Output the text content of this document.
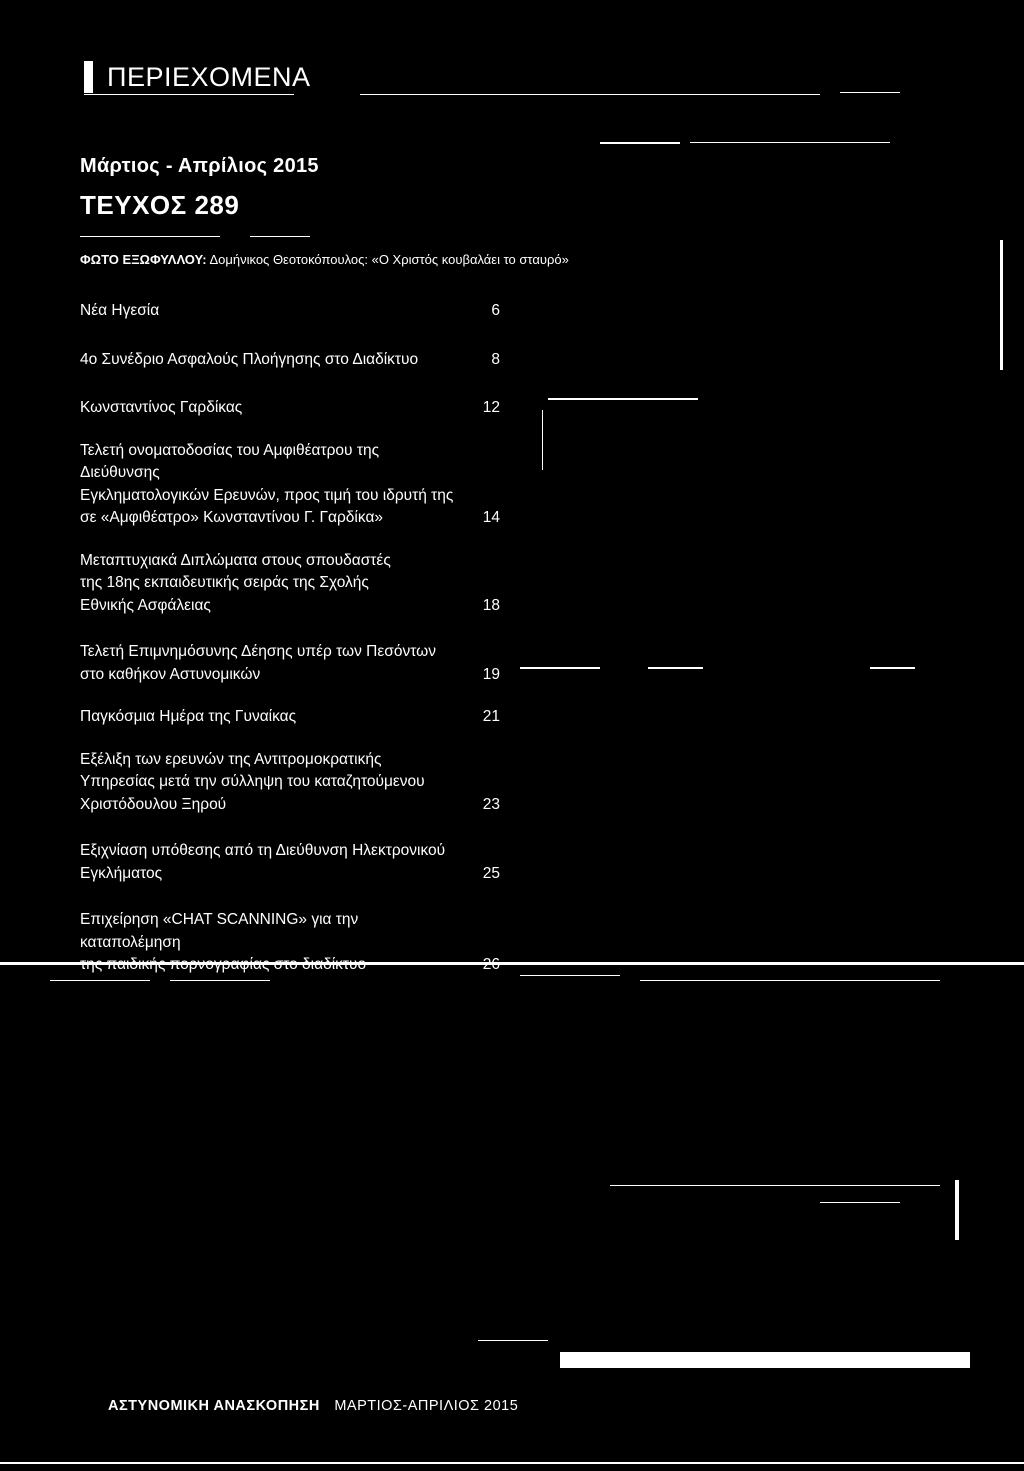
ΠΕΡΙΕΧΟΜΕΝΑ
Μάρτιος - Απρίλιος 2015
ΤΕΥΧΟΣ 289
ΦΩΤΟ ΕΞΩΦΥΛΛΟΥ: Δομήνικος Θεοτοκόπουλος: «Ο Χριστός κουβαλάει το σταυρό»
Νέα Ηγεσία	6
4ο Συνέδριο Ασφαλούς Πλοήγησης στο Διαδίκτυο	8
Κωνσταντίνος Γαρδίκας	12
Τελετή ονοματοδοσίας του Αμφιθέατρου της Διεύθυνσης
Εγκληματολογικών Ερευνών, προς τιμή του ιδρυτή της
σε «Αμφιθέατρο» Κωνσταντίνου Γ. Γαρδίκα»	14
Μεταπτυχιακά Διπλώματα στους σπουδαστές
της 18ης εκπαιδευτικής σειράς της Σχολής
Εθνικής Ασφάλειας	18
Τελετή Επιμνημόσυνης Δέησης υπέρ των Πεσόντων
στο καθήκον Αστυνομικών	19
Παγκόσμια Ημέρα της Γυναίκας	21
Εξέλιξη των ερευνών της Αντιτρομοκρατικής
Υπηρεσίας μετά την σύλληψη του καταζητούμενου
Χριστόδουλου Ξηρού	23
Εξιχνίαση υπόθεσης από τη Διεύθυνση Ηλεκτρονικού
Εγκλήματος	25
Επιχείρηση «CHAT SCANNING» για την καταπολέμηση
της παιδικής πορνογραφίας στο διαδίκτυο	26
ΑΣΤΥΝΟΜΙΚΗ ΑΝΑΣΚΟΠΗΣΗ ΜΑΡΤΙΟΣ-ΑΠΡΙΛΙΟΣ 2015
